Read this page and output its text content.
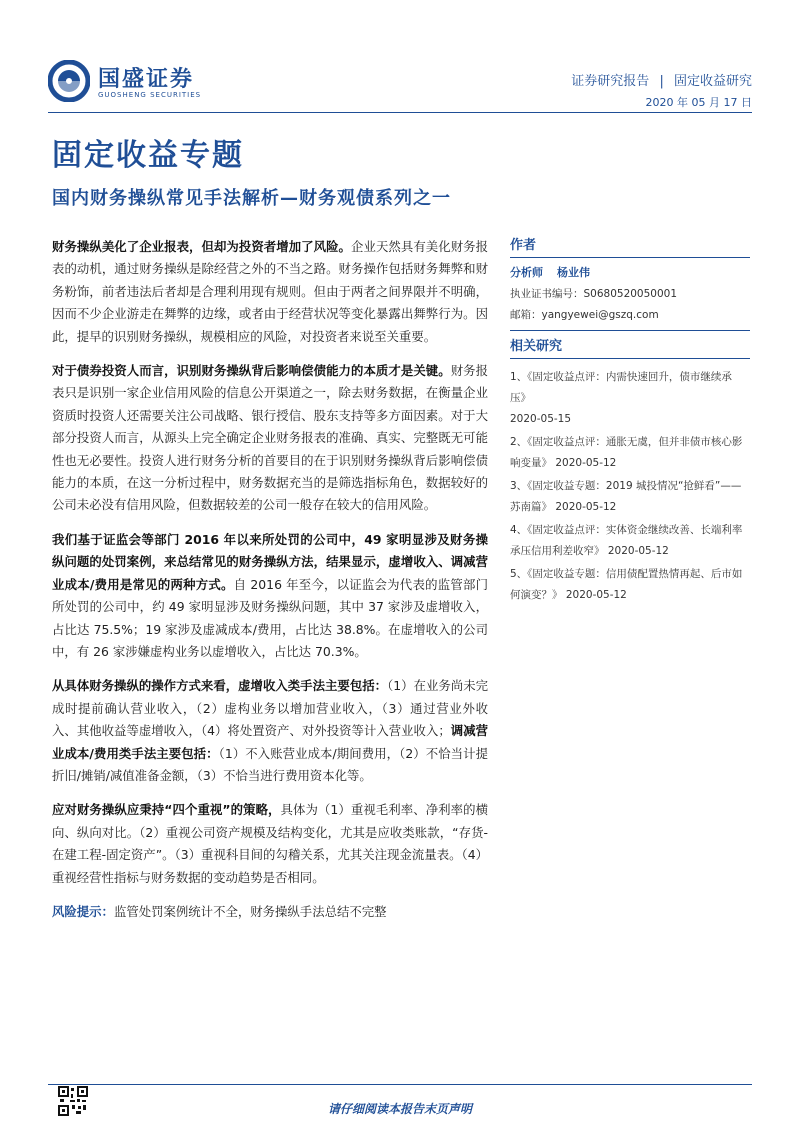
国盛证券
GUOSHENG SECURITIES
证券研究报告 | 固定收益研究
2020 年 05 月 17 日
固定收益专题
国内财务操纵常见手法解析—财务观债系列之一

财务操纵美化了企业报表，但却为投资者增加了风险。企业天然具有美化财务报表的动机，通过财务操纵是除经营之外的不当之路。财务操作包括财务舞弊和财务粉饰，前者违法后者却是合理利用现有规则。但由于两者之间界限并不明确，因而不少企业游走在舞弊的边缘，或者由于经营状况等变化暴露出舞弊行为。因此，提早的识别财务操纵，规模相应的风险，对投资者来说至关重要。

对于债券投资人而言，识别财务操纵背后影响偿债能力的本质才是关键。财务报表只是识别一家企业信用风险的信息公开渠道之一，除去财务数据，在衡量企业资质时投资人还需要关注公司战略、银行授信、股东支持等多方面因素。对于大部分投资人而言，从源头上完全确定企业财务报表的准确、真实、完整既无可能性也无必要性。投资人进行财务分析的首要目的在于识别财务操纵背后影响偿债能力的本质，在这一分析过程中，财务数据充当的是筛选指标角色，数据较好的公司未必没有信用风险，但数据较差的公司一般存在较大的信用风险。

我们基于证监会等部门 2016 年以来所处罚的公司中，49 家明显涉及财务操纵问题的处罚案例，来总结常见的财务操纵方法，结果显示，虚增收入、调减营业成本/费用是常见的两种方式。自 2016 年至今，以证监会为代表的监管部门所处罚的公司中，约 49 家明显涉及财务操纵问题，其中 37 家涉及虚增收入，占比达 75.5%；19 家涉及虚减成本/费用，占比达 38.8%。在虚增收入的公司中，有 26 家涉嫌虚构业务以虚增收入，占比达 70.3%。

从具体财务操纵的操作方式来看，虚增收入类手法主要包括：（1）在业务尚未完成时提前确认营业收入，（2）虚构业务以增加营业收入，（3）通过营业外收入、其他收益等虚增收入，（4）将处置资产、对外投资等计入营业收入；调减营业成本/费用类手法主要包括：（1）不入账营业成本/期间费用，（2）不恰当计提折旧/摊销/减值准备金额，（3）不恰当进行费用资本化等。

应对财务操纵应秉持“四个重视”的策略，具体为（1）重视毛利率、净利率的横向、纵向对比。（2）重视公司资产规模及结构变化，尤其是应收类账款，“存货-在建工程-固定资产”。（3）重视科目间的勾稽关系，尤其关注现金流量表。（4）重视经营性指标与财务数据的变动趋势是否相同。

风险提示：监管处罚案例统计不全，财务操纵手法总结不完整
作者
分析师 杨业伟
执业证书编号：S0680520050001
邮箱：yangyewei@gszq.com
相关研究
1、《固定收益点评：内需快速回升，债市继续承压》
2020-05-15
2、《固定收益点评：通胀无虞，但并非债市核心影响变量》 2020-05-12
3、《固定收益专题：2019 城投情况“抢鲜看”——苏南篇》 2020-05-12
4、《固定收益点评：实体资金继续改善、长端利率承压信用利差收窄》 2020-05-12
5、《固定收益专题：信用债配置热情再起、后市如何演变？》 2020-05-12
请仔细阅读本报告末页声明
